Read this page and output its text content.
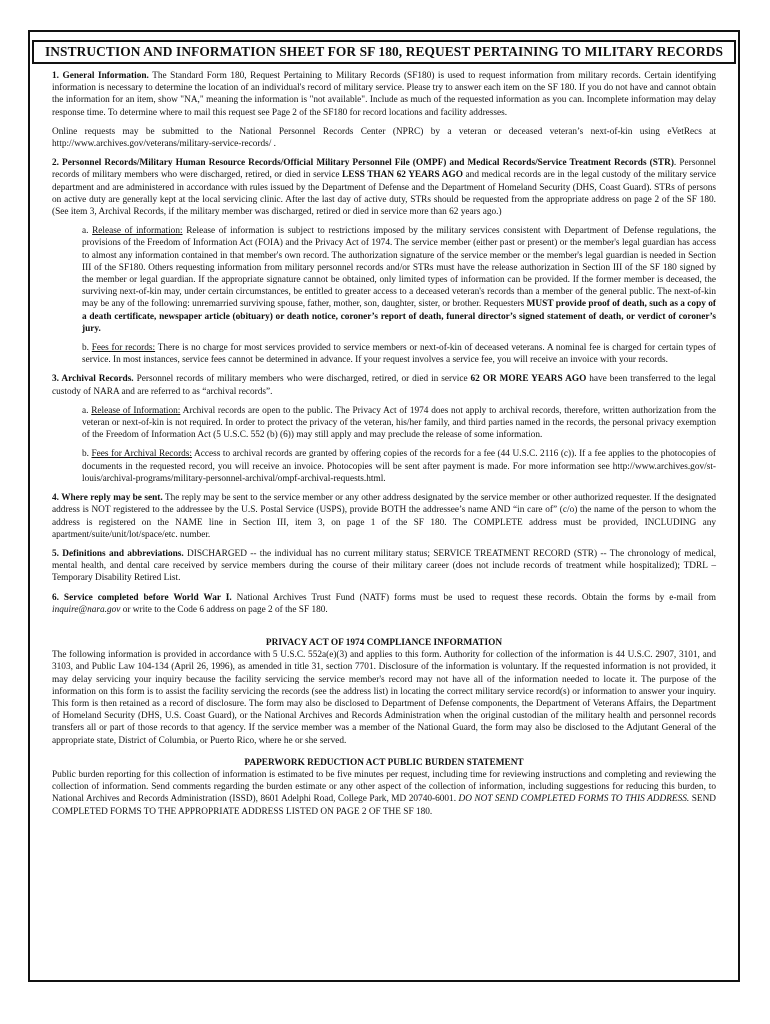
INSTRUCTION AND INFORMATION SHEET FOR SF 180, REQUEST PERTAINING TO MILITARY RECORDS

1. General Information. The Standard Form 180, Request Pertaining to Military Records (SF180) is used to request information from military records. Certain identifying information is necessary to determine the location of an individual's record of military service. Please try to answer each item on the SF 180. If you do not have and cannot obtain the information for an item, show "NA," meaning the information is "not available". Include as much of the requested information as you can. Incomplete information may delay response time. To determine where to mail this request see Page 2 of the SF180 for record locations and facility addresses.

Online requests may be submitted to the National Personnel Records Center (NPRC) by a veteran or deceased veteran’s next-of-kin using eVetRecs at http://www.archives.gov/veterans/military-service-records/ .

2. Personnel Records/Military Human Resource Records/Official Military Personnel File (OMPF) and Medical Records/Service Treatment Records (STR). Personnel records of military members who were discharged, retired, or died in service LESS THAN 62 YEARS AGO and medical records are in the legal custody of the military service department and are administered in accordance with rules issued by the Department of Defense and the Department of Homeland Security (DHS, Coast Guard). STRs of persons on active duty are generally kept at the local servicing clinic. After the last day of active duty, STRs should be requested from the appropriate address on page 2 of the SF 180. (See item 3, Archival Records, if the military member was discharged, retired or died in service more than 62 years ago.)

a. Release of information: Release of information is subject to restrictions imposed by the military services consistent with Department of Defense regulations, the provisions of the Freedom of Information Act (FOIA) and the Privacy Act of 1974. The service member (either past or present) or the member's legal guardian has access to almost any information contained in that member's own record. The authorization signature of the service member or the member's legal guardian is needed in Section III of the SF180. Others requesting information from military personnel records and/or STRs must have the release authorization in Section III of the SF 180 signed by the member or legal guardian. If the appropriate signature cannot be obtained, only limited types of information can be provided. If the former member is deceased, the surviving next-of-kin may, under certain circumstances, be entitled to greater access to a deceased veteran's records than a member of the general public. The next-of-kin may be any of the following: unremarried surviving spouse, father, mother, son, daughter, sister, or brother. Requesters MUST provide proof of death, such as a copy of a death certificate, newspaper article (obituary) or death notice, coroner’s report of death, funeral director’s signed statement of death, or verdict of coroner’s jury.

b. Fees for records: There is no charge for most services provided to service members or next-of-kin of deceased veterans. A nominal fee is charged for certain types of service. In most instances, service fees cannot be determined in advance. If your request involves a service fee, you will receive an invoice with your records.

3. Archival Records. Personnel records of military members who were discharged, retired, or died in service 62 OR MORE YEARS AGO have been transferred to the legal custody of NARA and are referred to as “archival records”.

a. Release of Information: Archival records are open to the public. The Privacy Act of 1974 does not apply to archival records, therefore, written authorization from the veteran or next-of-kin is not required. In order to protect the privacy of the veteran, his/her family, and third parties named in the records, the personal privacy exemption of the Freedom of Information Act (5 U.S.C. 552 (b) (6)) may still apply and may preclude the release of some information.

b. Fees for Archival Records: Access to archival records are granted by offering copies of the records for a fee (44 U.S.C. 2116 (c)). If a fee applies to the photocopies of documents in the requested record, you will receive an invoice. Photocopies will be sent after payment is made. For more information see http://www.archives.gov/st-louis/archival-programs/military-personnel-archival/ompf-archival-requests.html.

4. Where reply may be sent. The reply may be sent to the service member or any other address designated by the service member or other authorized requester. If the designated address is NOT registered to the addressee by the U.S. Postal Service (USPS), provide BOTH the addressee’s name AND “in care of” (c/o) the name of the person to whom the address is registered on the NAME line in Section III, item 3, on page 1 of the SF 180. The COMPLETE address must be provided, INCLUDING any apartment/suite/unit/lot/space/etc. number.

5. Definitions and abbreviations. DISCHARGED -- the individual has no current military status; SERVICE TREATMENT RECORD (STR) -- The chronology of medical, mental health, and dental care received by service members during the course of their military career (does not include records of treatment while hospitalized); TDRL – Temporary Disability Retired List.

6. Service completed before World War I. National Archives Trust Fund (NATF) forms must be used to request these records. Obtain the forms by e-mail from inquire@nara.gov or write to the Code 6 address on page 2 of the SF 180.

PRIVACY ACT OF 1974 COMPLIANCE INFORMATION

The following information is provided in accordance with 5 U.S.C. 552a(e)(3) and applies to this form. Authority for collection of the information is 44 U.S.C. 2907, 3101, and 3103, and Public Law 104-134 (April 26, 1996), as amended in title 31, section 7701. Disclosure of the information is voluntary. If the requested information is not provided, it may delay servicing your inquiry because the facility servicing the service member's record may not have all of the information needed to locate it. The purpose of the information on this form is to assist the facility servicing the records (see the address list) in locating the correct military service record(s) or information to answer your inquiry. This form is then retained as a record of disclosure. The form may also be disclosed to Department of Defense components, the Department of Veterans Affairs, the Department of Homeland Security (DHS, U.S. Coast Guard), or the National Archives and Records Administration when the original custodian of the military health and personnel records transfers all or part of those records to that agency. If the service member was a member of the National Guard, the form may also be disclosed to the Adjutant General of the appropriate state, District of Columbia, or Puerto Rico, where he or she served.

PAPERWORK REDUCTION ACT PUBLIC BURDEN STATEMENT

Public burden reporting for this collection of information is estimated to be five minutes per request, including time for reviewing instructions and completing and reviewing the collection of information. Send comments regarding the burden estimate or any other aspect of the collection of information, including suggestions for reducing this burden, to National Archives and Records Administration (ISSD), 8601 Adelphi Road, College Park, MD 20740-6001. DO NOT SEND COMPLETED FORMS TO THIS ADDRESS. SEND COMPLETED FORMS TO THE APPROPRIATE ADDRESS LISTED ON PAGE 2 OF THE SF 180.
